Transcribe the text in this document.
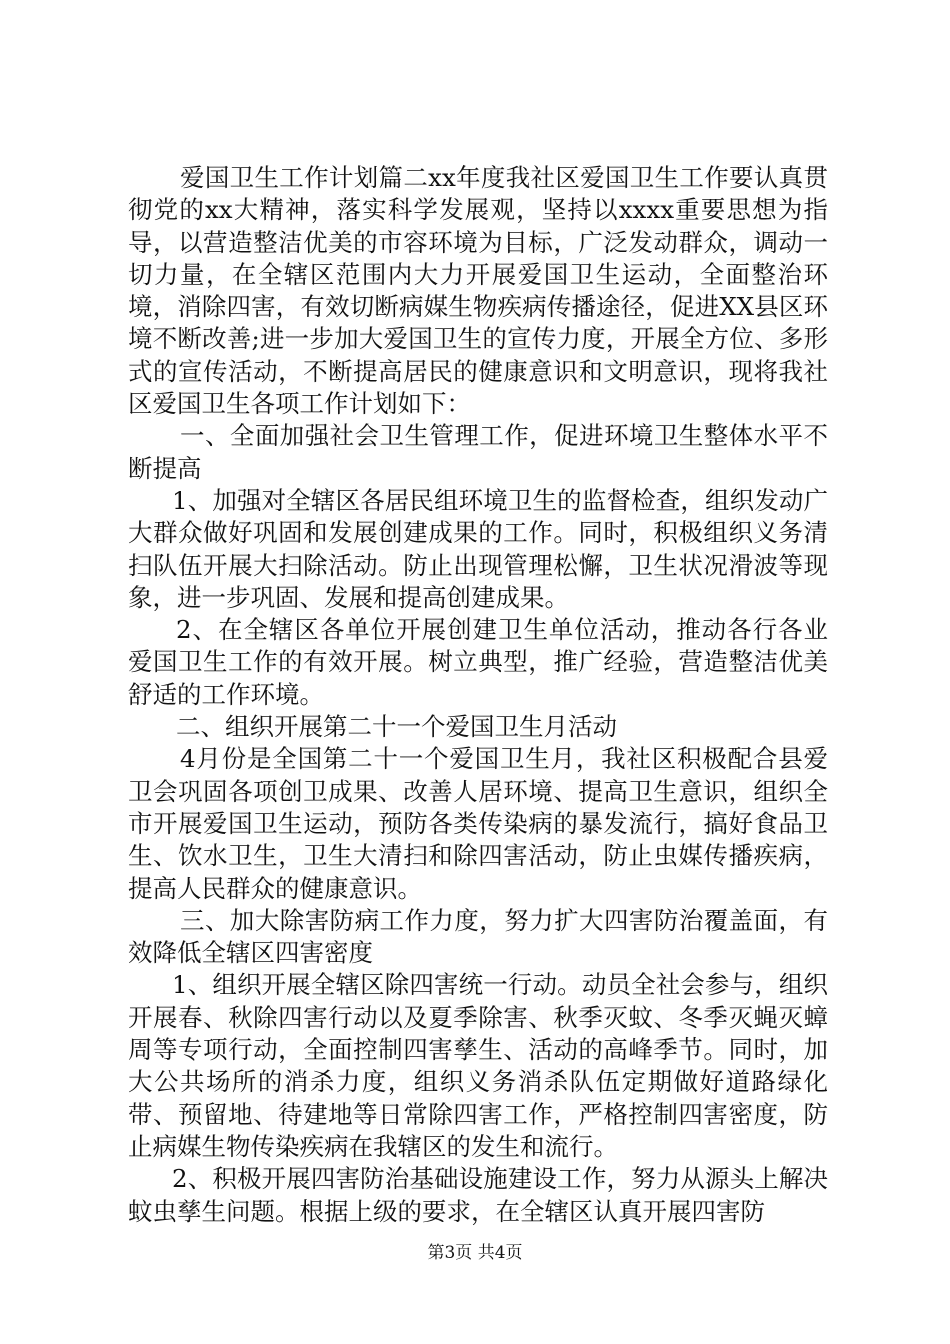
爱国卫生工作计划篇二xx年度我社区爱国卫生工作要认真贯彻党的xx大精神，落实科学发展观，坚持以xxxx重要思想为指导，以营造整洁优美的市容环境为目标，广泛发动群众，调动一切力量，在全辖区范围内大力开展爱国卫生运动，全面整治环境，消除四害，有效切断病媒生物疾病传播途径，促进XX县区环境不断改善;进一步加大爱国卫生的宣传力度，开展全方位、多形式的宣传活动，不断提高居民的健康意识和文明意识，现将我社区爱国卫生各项工作计划如下：

一、全面加强社会卫生管理工作，促进环境卫生整体水平不断提高

1、加强对全辖区各居民组环境卫生的监督检查，组织发动广大群众做好巩固和发展创建成果的工作。同时，积极组织义务清扫队伍开展大扫除活动。防止出现管理松懈，卫生状况滑波等现象，进一步巩固、发展和提高创建成果。

2、在全辖区各单位开展创建卫生单位活动，推动各行各业爱国卫生工作的有效开展。树立典型，推广经验，营造整洁优美舒适的工作环境。

二、组织开展第二十一个爱国卫生月活动

4月份是全国第二十一个爱国卫生月，我社区积极配合县爱卫会巩固各项创卫成果、改善人居环境、提高卫生意识，组织全市开展爱国卫生运动，预防各类传染病的暴发流行，搞好食品卫生、饮水卫生，卫生大清扫和除四害活动，防止虫媒传播疾病，提高人民群众的健康意识。

三、加大除害防病工作力度，努力扩大四害防治覆盖面，有效降低全辖区四害密度

1、组织开展全辖区除四害统一行动。动员全社会参与，组织开展春、秋除四害行动以及夏季除害、秋季灭蚊、冬季灭蝇灭蟑周等专项行动，全面控制四害孳生、活动的高峰季节。同时，加大公共场所的消杀力度，组织义务消杀队伍定期做好道路绿化带、预留地、待建地等日常除四害工作，严格控制四害密度，防止病媒生物传染疾病在我辖区的发生和流行。

2、积极开展四害防治基础设施建设工作，努力从源头上解决蚊虫孳生问题。根据上级的要求，在全辖区认真开展四害防

第3页 共4页
